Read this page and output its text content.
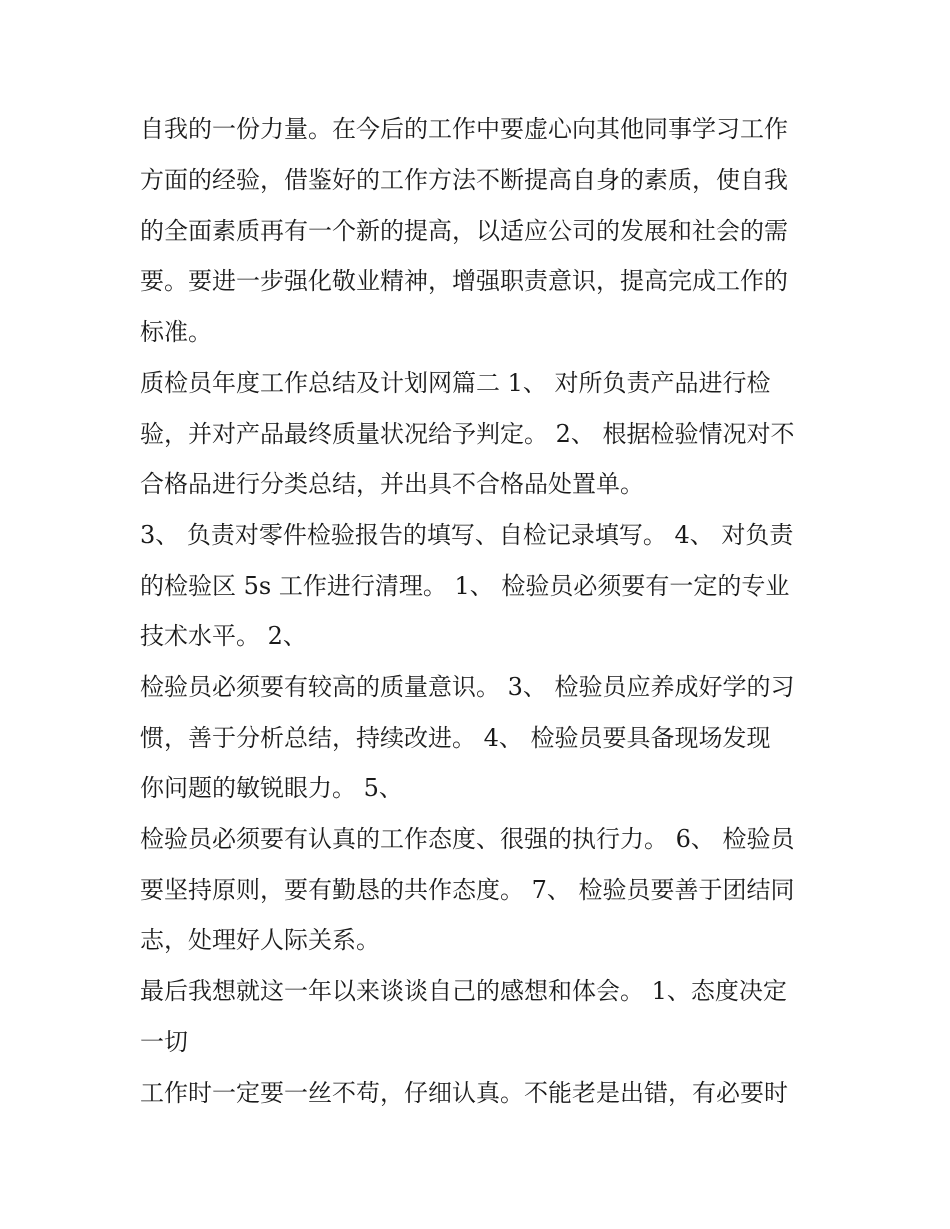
自我的一份力量。在今后的工作中要虚心向其他同事学习工作
方面的经验，借鉴好的工作方法不断提高自身的素质，使自我
的全面素质再有一个新的提高，以适应公司的发展和社会的需
要。要进一步强化敬业精神，增强职责意识，提高完成工作的
标准。
质检员年度工作总结及计划网篇二 1、 对所负责产品进行检
验，并对产品最终质量状况给予判定。 2、 根据检验情况对不
合格品进行分类总结，并出具不合格品处置单。
3、 负责对零件检验报告的填写、自检记录填写。 4、 对负责
的检验区 5s 工作进行清理。 1、 检验员必须要有一定的专业
技术水平。 2、
检验员必须要有较高的质量意识。 3、 检验员应养成好学的习
惯，善于分析总结，持续改进。 4、 检验员要具备现场发现
你问题的敏锐眼力。 5、
检验员必须要有认真的工作态度、很强的执行力。 6、 检验员
要坚持原则，要有勤恳的共作态度。 7、 检验员要善于团结同
志，处理好人际关系。
最后我想就这一年以来谈谈自己的感想和体会。 1、态度决定
一切
工作时一定要一丝不苟，仔细认真。不能老是出错，有必要时
